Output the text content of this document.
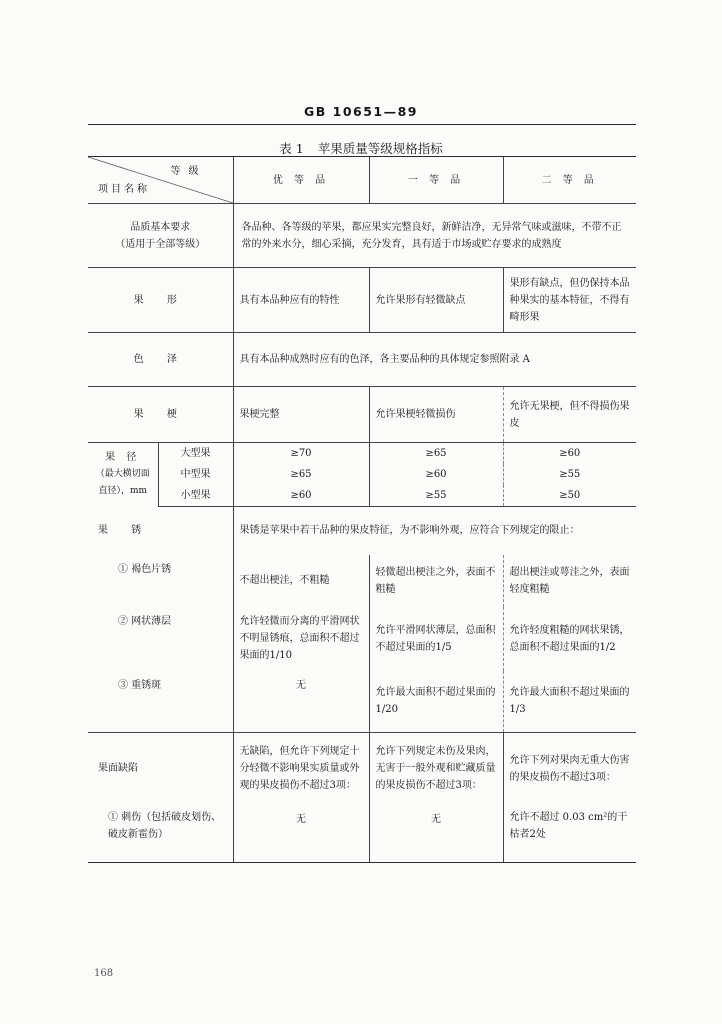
GB 10651—89
表 1 苹果质量等级规格指标
等级
项目名称		优 等 品	一 等 品	二 等 品

品质基本要求
（适用于全部等级）		各品种、各等级的苹果，都应果实完整良好，新鲜洁净，无异常气味或滋味，不带不正常的外来水分，细心采摘，充分发育，具有适于市场或贮存要求的成熟度		
果 形		具有本品种应有的特性	允许果形有轻微缺点	果形有缺点，但仍保持本品种果实的基本特征，不得有畸形果
色 泽		具有本品种成熟时应有的色泽，各主要品种的具体规定参照附录 A		
果 梗		果梗完整	允许果梗轻微损伤	允许无果梗，但不得损伤果皮

果 径
（最大横切面
直径），mm	大型果	≥70	≥65	≥60
	中型果	≥65	≥60	≥55
	小型果	≥60	≥55	≥50
果 锈		果锈是苹果中若干品种的果皮特征，为不影响外观，应符合下列规定的限止：		
① 褐色片锈		不超出梗洼，不粗糙	轻微超出梗洼之外，表面不粗糙	超出梗洼或萼洼之外，表面轻度粗糙
② 网状薄层		允许轻微而分离的平滑网状不明显锈痕，总面积不超过果面的1/10	允许平滑网状薄层，总面积不超过果面的1/5	允许轻度粗糙的网状果锈，总面积不超过果面的1/2
③ 重锈斑		无	允许最大面积不超过果面的1/20	允许最大面积不超过果面的1/3
果面缺陷		无缺陷，但允许下列规定十分轻微不影响果实质量或外观的果皮损伤不超过3项：	允许下列规定未伤及果肉，无害于一般外观和贮藏质量的果皮损伤不超过3项：	允许下列对果肉无重大伤害的果皮损伤不超过3项：
① 刺伤（包括破皮划伤、破皮新雹伤）		无	无	允许不超过 0.03 cm²的干枯者2处
168
